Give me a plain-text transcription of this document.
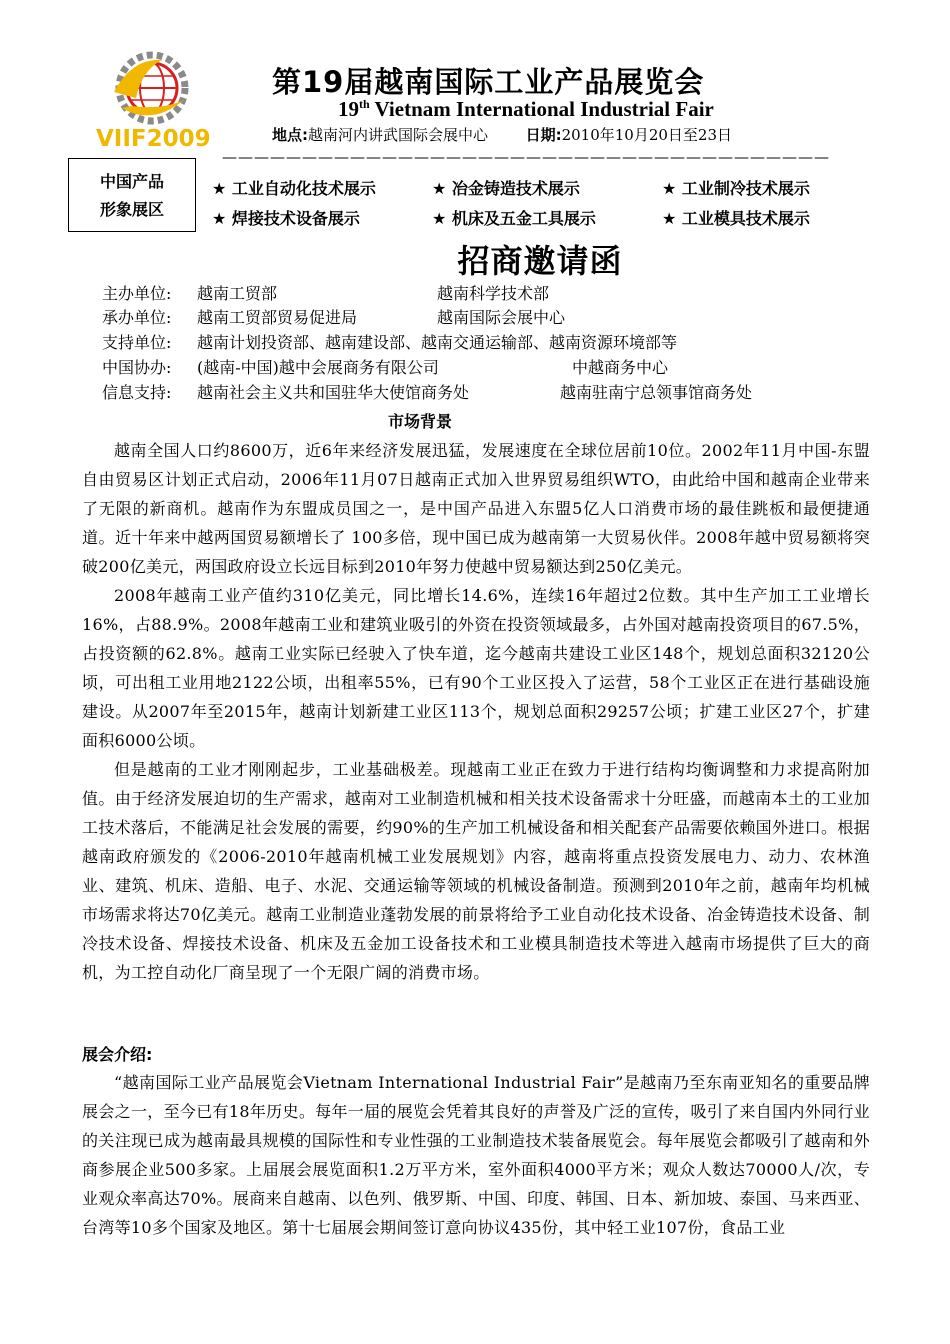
VIIF2009
第19届越南国际工业产品展览会
19th Vietnam International Industrial Fair
地点:越南河内讲武国际会展中心	日期:2010年10月20日至23日
——————————————————————————————————————
中国产品
形象展区
★ 工业自动化技术展示	★ 冶金铸造技术展示	★ 工业制冷技术展示
★ 焊接技术设备展示	★ 机床及五金工具展示	★ 工业模具技术展示
招商邀请函
主办单位: 越南工贸部	越南科学技术部
承办单位: 越南工贸部贸易促进局	越南国际会展中心
支持单位: 越南计划投资部、越南建设部、越南交通运输部、越南资源环境部等
中国协办: (越南-中国)越中会展商务有限公司	中越商务中心
信息支持: 越南社会主义共和国驻华大使馆商务处	越南驻南宁总领事馆商务处
市场背景

越南全国人口约8600万，近6年来经济发展迅猛，发展速度在全球位居前10位。2002年11月中国-东盟自由贸易区计划正式启动，2006年11月07日越南正式加入世界贸易组织WTO，由此给中国和越南企业带来了无限的新商机。越南作为东盟成员国之一，是中国产品进入东盟5亿人口消费市场的最佳跳板和最便捷通道。近十年来中越两国贸易额增长了 100多倍，现中国已成为越南第一大贸易伙伴。2008年越中贸易额将突破200亿美元，两国政府设立长远目标到2010年努力使越中贸易额达到250亿美元。

2008年越南工业产值约310亿美元，同比增长14.6%，连续16年超过2位数。其中生产加工工业增长16%，占88.9%。2008年越南工业和建筑业吸引的外资在投资领域最多，占外国对越南投资项目的67.5%，占投资额的62.8%。越南工业实际已经驶入了快车道，迄今越南共建设工业区148个，规划总面积32120公顷，可出租工业用地2122公顷，出租率55%，已有90个工业区投入了运营，58个工业区正在进行基础设施建设。从2007年至2015年，越南计划新建工业区113个，规划总面积29257公顷；扩建工业区27个，扩建面积6000公顷。

但是越南的工业才刚刚起步，工业基础极差。现越南工业正在致力于进行结构均衡调整和力求提高附加值。由于经济发展迫切的生产需求，越南对工业制造机械和相关技术设备需求十分旺盛，而越南本土的工业加工技术落后，不能满足社会发展的需要，约90%的生产加工机械设备和相关配套产品需要依赖国外进口。根据越南政府颁发的《2006-2010年越南机械工业发展规划》内容，越南将重点投资发展电力、动力、农林渔业、建筑、机床、造船、电子、水泥、交通运输等领域的机械设备制造。预测到2010年之前，越南年均机械市场需求将达70亿美元。越南工业制造业蓬勃发展的前景将给予工业自动化技术设备、冶金铸造技术设备、制冷技术设备、焊接技术设备、机床及五金加工设备技术和工业模具制造技术等进入越南市场提供了巨大的商机，为工控自动化厂商呈现了一个无限广阔的消费市场。

展会介绍:

“越南国际工业产品展览会Vietnam International Industrial Fair”是越南乃至东南亚知名的重要品牌展会之一，至今已有18年历史。每年一届的展览会凭着其良好的声誉及广泛的宣传，吸引了来自国内外同行业的关注现已成为越南最具规模的国际性和专业性强的工业制造技术装备展览会。每年展览会都吸引了越南和外商参展企业500多家。上届展会展览面积1.2万平方米，室外面积4000平方米；观众人数达70000人/次，专业观众率高达70%。展商来自越南、以色列、俄罗斯、中国、印度、韩国、日本、新加坡、泰国、马来西亚、台湾等10多个国家及地区。第十七届展会期间签订意向协议435份，其中轻工业107份，食品工业
